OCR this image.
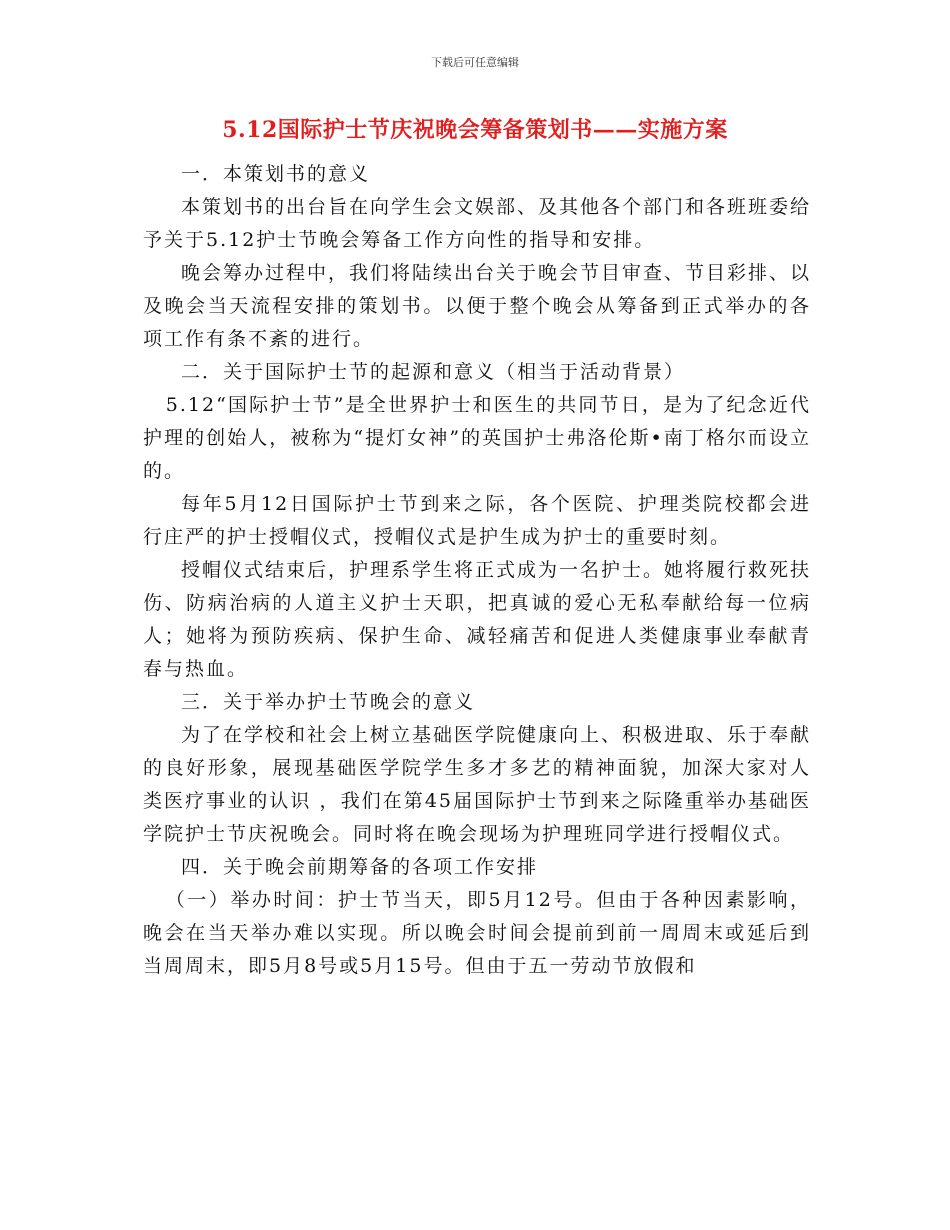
下载后可任意编辑
5.12国际护士节庆祝晚会筹备策划书——实施方案

一．本策划书的意义

本策划书的出台旨在向学生会文娱部、及其他各个部门和各班班委给予关于5.12护士节晚会筹备工作方向性的指导和安排。

晚会筹办过程中，我们将陆续出台关于晚会节目审查、节目彩排、以及晚会当天流程安排的策划书。以便于整个晚会从筹备到正式举办的各项工作有条不紊的进行。

二．关于国际护士节的起源和意义（相当于活动背景）

5.12“国际护士节”是全世界护士和医生的共同节日，是为了纪念近代护理的创始人，被称为“提灯女神”的英国护士弗洛伦斯•南丁格尔而设立的。

每年5月12日国际护士节到来之际，各个医院、护理类院校都会进行庄严的护士授帽仪式，授帽仪式是护生成为护士的重要时刻。

授帽仪式结束后，护理系学生将正式成为一名护士。她将履行救死扶伤、防病治病的人道主义护士天职，把真诚的爱心无私奉献给每一位病人；她将为预防疾病、保护生命、减轻痛苦和促进人类健康事业奉献青春与热血。

三．关于举办护士节晚会的意义

为了在学校和社会上树立基础医学院健康向上、积极进取、乐于奉献的良好形象，展现基础医学院学生多才多艺的精神面貌，加深大家对人类医疗事业的认识 ，我们在第45届国际护士节到来之际隆重举办基础医学院护士节庆祝晚会。同时将在晚会现场为护理班同学进行授帽仪式。

四．关于晚会前期筹备的各项工作安排

（一）举办时间：护士节当天，即5月12号。但由于各种因素影响，晚会在当天举办难以实现。所以晚会时间会提前到前一周周末或延后到当周周末，即5月8号或5月15号。但由于五一劳动节放假和
